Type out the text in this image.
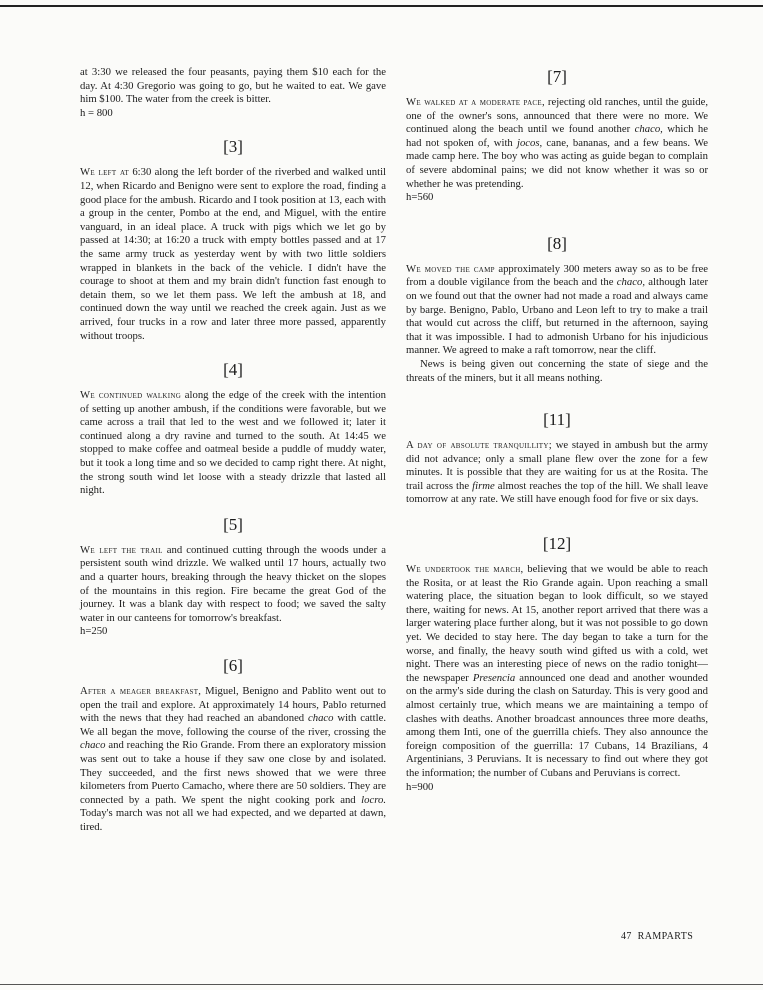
at 3:30 we released the four peasants, paying them $10 each for the day. At 4:30 Gregorio was going to go, but he waited to eat. We gave him $100. The water from the creek is bitter.

h = 800

[3]

We left at 6:30 along the left border of the riverbed and walked until 12, when Ricardo and Benigno were sent to explore the road, finding a good place for the ambush. Ricardo and I took position at 13, each with a group in the center, Pombo at the end, and Miguel, with the entire vanguard, in an ideal place. A truck with pigs which we let go by passed at 14:30; at 16:20 a truck with empty bottles passed and at 17 the same army truck as yesterday went by with two little soldiers wrapped in blankets in the back of the vehicle. I didn't have the courage to shoot at them and my brain didn't function fast enough to detain them, so we let them pass. We left the ambush at 18, and continued down the way until we reached the creek again. Just as we arrived, four trucks in a row and later three more passed, apparently without troops.

[4]

We continued walking along the edge of the creek with the intention of setting up another ambush, if the conditions were favorable, but we came across a trail that led to the west and we followed it; later it continued along a dry ravine and turned to the south. At 14:45 we stopped to make coffee and oatmeal beside a puddle of muddy water, but it took a long time and so we decided to camp right there. At night, the strong south wind let loose with a steady drizzle that lasted all night.

[5]

We left the trail and continued cutting through the woods under a persistent south wind drizzle. We walked until 17 hours, actually two and a quarter hours, breaking through the heavy thicket on the slopes of the mountains in this region. Fire became the great God of the journey. It was a blank day with respect to food; we saved the salty water in our canteens for tomorrow's breakfast.

h=250

[6]

After a meager breakfast, Miguel, Benigno and Pablito went out to open the trail and explore. At approximately 14 hours, Pablo returned with the news that they had reached an abandoned chaco with cattle. We all began the move, following the course of the river, crossing the chaco and reaching the Rio Grande. From there an exploratory mission was sent out to take a house if they saw one close by and isolated. They succeeded, and the first news showed that we were three kilometers from Puerto Camacho, where there are 50 soldiers. They are connected by a path. We spent the night cooking pork and locro. Today's march was not all we had expected, and we departed at dawn, tired.

[7]

We walked at a moderate pace, rejecting old ranches, until the guide, one of the owner's sons, announced that there were no more. We continued along the beach until we found another chaco, which he had not spoken of, with jocos, cane, bananas, and a few beans. We made camp here. The boy who was acting as guide began to complain of severe abdominal pains; we did not know whether it was so or whether he was pretending.

h=560

[8]

We moved the camp approximately 300 meters away so as to be free from a double vigilance from the beach and the chaco, although later on we found out that the owner had not made a road and always came by barge. Benigno, Pablo, Urbano and Leon left to try to make a trail that would cut across the cliff, but returned in the afternoon, saying that it was impossible. I had to admonish Urbano for his injudicious manner. We agreed to make a raft tomorrow, near the cliff.

News is being given out concerning the state of siege and the threats of the miners, but it all means nothing.

[11]

A day of absolute tranquillity; we stayed in ambush but the army did not advance; only a small plane flew over the zone for a few minutes. It is possible that they are waiting for us at the Rosita. The trail across the firme almost reaches the top of the hill. We shall leave tomorrow at any rate. We still have enough food for five or six days.

[12]

We undertook the march, believing that we would be able to reach the Rosita, or at least the Rio Grande again. Upon reaching a small watering place, the situation began to look difficult, so we stayed there, waiting for news. At 15, another report arrived that there was a larger watering place further along, but it was not possible to go down yet. We decided to stay here. The day began to take a turn for the worse, and finally, the heavy south wind gifted us with a cold, wet night. There was an interesting piece of news on the radio tonight—the newspaper Presencia announced one dead and another wounded on the army's side during the clash on Saturday. This is very good and almost certainly true, which means we are maintaining a tempo of clashes with deaths. Another broadcast announces three more deaths, among them Inti, one of the guerrilla chiefs. They also announce the foreign composition of the guerrilla: 17 Cubans, 14 Brazilians, 4 Argentinians, 3 Peruvians. It is necessary to find out where they got the information; the number of Cubans and Peruvians is correct.

h=900

47 RAMPARTS
